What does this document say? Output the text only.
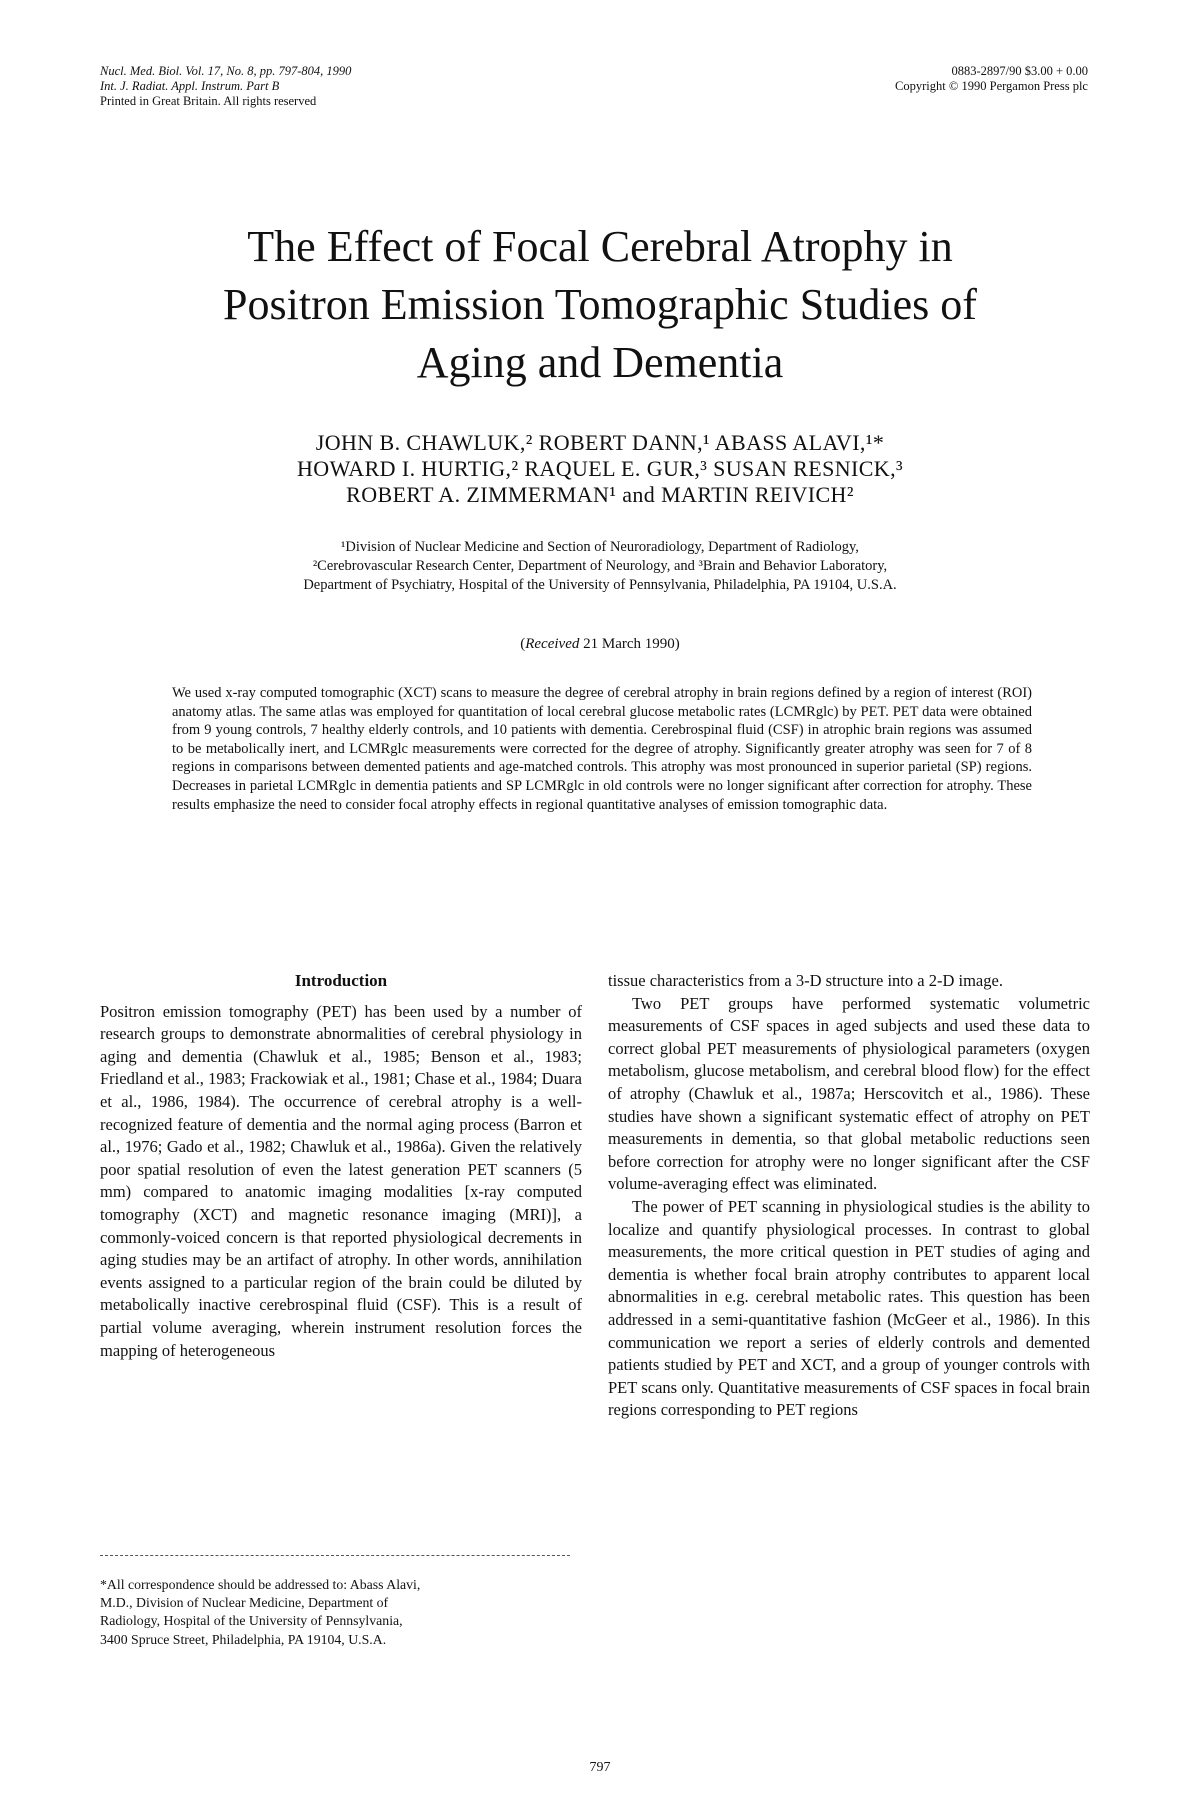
Nucl. Med. Biol. Vol. 17, No. 8, pp. 797-804, 1990
Int. J. Radiat. Appl. Instrum. Part B
Printed in Great Britain. All rights reserved
0883-2897/90 $3.00 + 0.00
Copyright © 1990 Pergamon Press plc
The Effect of Focal Cerebral Atrophy in
Positron Emission Tomographic Studies of
Aging and Dementia
JOHN B. CHAWLUK,² ROBERT DANN,¹ ABASS ALAVI,¹*
HOWARD I. HURTIG,² RAQUEL E. GUR,³ SUSAN RESNICK,³
ROBERT A. ZIMMERMAN¹ and MARTIN REIVICH²
¹Division of Nuclear Medicine and Section of Neuroradiology, Department of Radiology,
²Cerebrovascular Research Center, Department of Neurology, and ³Brain and Behavior Laboratory,
Department of Psychiatry, Hospital of the University of Pennsylvania, Philadelphia, PA 19104, U.S.A.
(Received 21 March 1990)
We used x-ray computed tomographic (XCT) scans to measure the degree of cerebral atrophy in brain regions defined by a region of interest (ROI) anatomy atlas. The same atlas was employed for quantitation of local cerebral glucose metabolic rates (LCMRglc) by PET. PET data were obtained from 9 young controls, 7 healthy elderly controls, and 10 patients with dementia. Cerebrospinal fluid (CSF) in atrophic brain regions was assumed to be metabolically inert, and LCMRglc measurements were corrected for the degree of atrophy. Significantly greater atrophy was seen for 7 of 8 regions in comparisons between demented patients and age-matched controls. This atrophy was most pronounced in superior parietal (SP) regions. Decreases in parietal LCMRglc in dementia patients and SP LCMRglc in old controls were no longer significant after correction for atrophy. These results emphasize the need to consider focal atrophy effects in regional quantitative analyses of emission tomographic data.
Introduction

Positron emission tomography (PET) has been used by a number of research groups to demonstrate abnormalities of cerebral physiology in aging and dementia (Chawluk et al., 1985; Benson et al., 1983; Friedland et al., 1983; Frackowiak et al., 1981; Chase et al., 1984; Duara et al., 1986, 1984). The occurrence of cerebral atrophy is a well-recognized feature of dementia and the normal aging process (Barron et al., 1976; Gado et al., 1982; Chawluk et al., 1986a). Given the relatively poor spatial resolution of even the latest generation PET scanners (5 mm) compared to anatomic imaging modalities [x-ray computed tomography (XCT) and magnetic resonance imaging (MRI)], a commonly-voiced concern is that reported physiological decrements in aging studies may be an artifact of atrophy. In other words, annihilation events assigned to a particular region of the brain could be diluted by metabolically inactive cerebrospinal fluid (CSF). This is a result of partial volume averaging, wherein instrument resolution forces the mapping of heterogeneous

tissue characteristics from a 3-D structure into a 2-D image.

Two PET groups have performed systematic volumetric measurements of CSF spaces in aged subjects and used these data to correct global PET measurements of physiological parameters (oxygen metabolism, glucose metabolism, and cerebral blood flow) for the effect of atrophy (Chawluk et al., 1987a; Herscovitch et al., 1986). These studies have shown a significant systematic effect of atrophy on PET measurements in dementia, so that global metabolic reductions seen before correction for atrophy were no longer significant after the CSF volume-averaging effect was eliminated.

The power of PET scanning in physiological studies is the ability to localize and quantify physiological processes. In contrast to global measurements, the more critical question in PET studies of aging and dementia is whether focal brain atrophy contributes to apparent local abnormalities in e.g. cerebral metabolic rates. This question has been addressed in a semi-quantitative fashion (McGeer et al., 1986). In this communication we report a series of elderly controls and demented patients studied by PET and XCT, and a group of younger controls with PET scans only. Quantitative measurements of CSF spaces in focal brain regions corresponding to PET regions

*All correspondence should be addressed to: Abass Alavi,
M.D., Division of Nuclear Medicine, Department of
Radiology, Hospital of the University of Pennsylvania,
3400 Spruce Street, Philadelphia, PA 19104, U.S.A.
797
